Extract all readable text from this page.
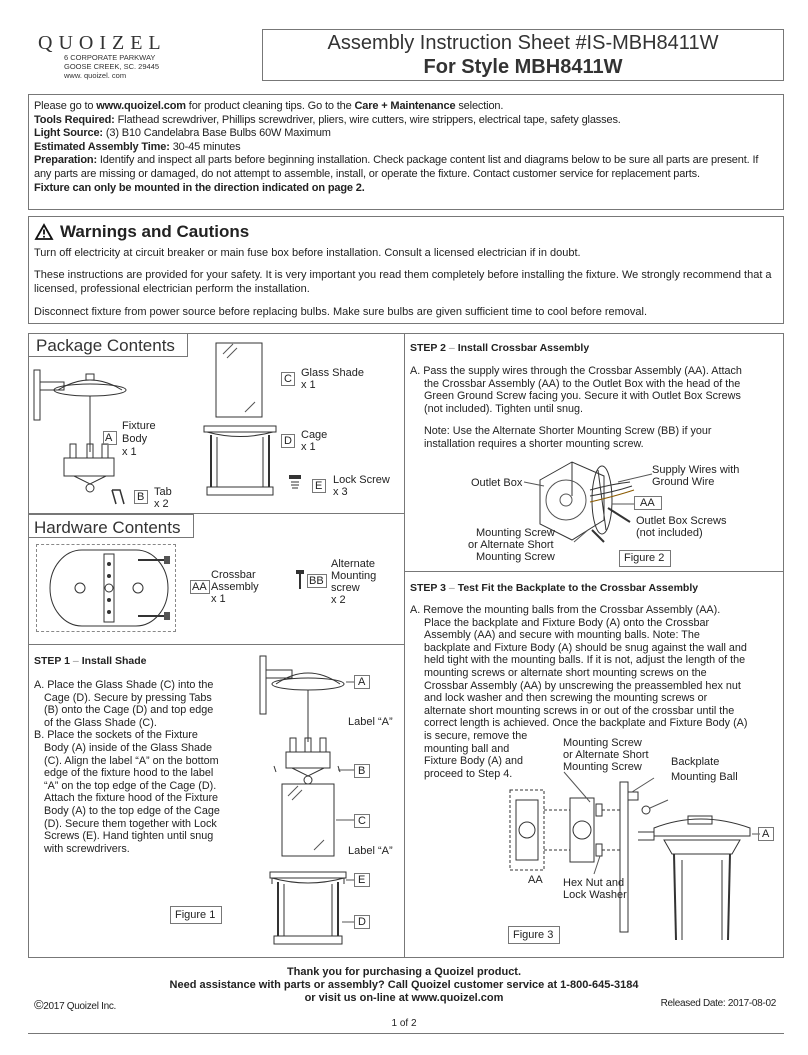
QUOIZEL
6 CORPORATE PARKWAY
GOOSE CREEK, SC. 29445
www. quoizel. com
Assembly Instruction Sheet #IS-MBH8411W
For Style MBH8411W
Please go to www.quoizel.com for product cleaning tips. Go to the Care + Maintenance selection.
Tools Required: Flathead screwdriver, Phillips screwdriver, pliers, wire cutters, wire strippers, electrical tape, safety glasses.
Light Source: (3) B10 Candelabra Base Bulbs 60W Maximum
Estimated Assembly Time: 30-45 minutes
Preparation: Identify and inspect all parts before beginning installation. Check package content list and diagrams below to be sure all parts are present. If any parts are missing or damaged, do not attempt to assemble, install, or operate the fixture. Contact customer service for replacement parts.
Fixture can only be mounted in the direction indicated on page 2.
Warnings and Cautions
Turn off electricity at circuit breaker or main fuse box before installation. Consult a licensed electrician if in doubt.
These instructions are provided for your safety. It is very important you read them completely before installing the fixture. We strongly recommend that a licensed, professional electrician perform the installation.
Disconnect fixture from power source before replacing bulbs. Make sure bulbs are given sufficient time to cool before removal.
Package Contents
A
Fixture
Body
x 1
B Tab
x 2
C Glass Shade
x 1
D Cage
x 1
E Lock Screw
x 3
Hardware Contents
AA
Crossbar
Assembly
x 1
BB
Alternate
Mounting
screw
x 2
STEP 1 – Install Shade
A. Place the Glass Shade (C) into the
Cage (D). Secure by pressing Tabs
(B) onto the Cage (D) and top edge
of the Glass Shade (C).
B. Place the sockets of the Fixture
Body (A) inside of the Glass Shade
(C). Align the label “A” on the bottom
edge of the fixture hood to the label
“A” on the top edge of the Cage (D).
Attach the fixture hood of the Fixture
Body (A) to the top edge of the Cage
(D). Secure them together with Lock
Screws (E). Hand tighten until snug
with screwdrivers.
A
Label “A”
B
C
Label “A”
E
D
Figure 1
STEP 2 – Install Crossbar Assembly
A. Pass the supply wires through the Crossbar Assembly (AA). Attach
the Crossbar Assembly (AA) to the Outlet Box with the head of the
Green Ground Screw facing you. Secure it with Outlet Box Screws
(not included). Tighten until snug.
Note: Use the Alternate Shorter Mounting Screw (BB) if your
installation requires a shorter mounting screw.
Outlet Box
Supply Wires with
Ground Wire
AA
Outlet Box Screws
(not included)
Mounting Screw
or Alternate Short
Mounting Screw	Figure 2
STEP 3 – Test Fit the Backplate to the Crossbar Assembly
A. Remove the mounting balls from the Crossbar Assembly (AA).
Place the backplate and Fixture Body (A) onto the Crossbar
Assembly (AA) and secure with mounting balls. Note: The
backplate and Fixture Body (A) should be snug against the wall and
held tight with the mounting balls. If it is not, adjust the length of the
mounting screws or alternate short mounting screws on the
Crossbar Assembly (AA) by unscrewing the preassembled hex nut
and lock washer and then screwing the mounting screws or
alternate short mounting screws in or out of the crossbar until the
correct length is achieved. Once the backplate and Fixture Body (A)
is secure, remove the
mounting ball and
Fixture Body (A) and
proceed to Step 4.
Mounting Screw
or Alternate Short
Mounting Screw	Backplate
Mounting Ball
A
AA Hex Nut and
Lock Washer
Figure 3
Thank you for purchasing a Quoizel product.
Need assistance with parts or assembly? Call Quoizel customer service at 1-800-645-3184
or visit us on-line at www.quoizel.com
©2017 Quoizel Inc.	Released Date: 2017-08-02
1 of 2
